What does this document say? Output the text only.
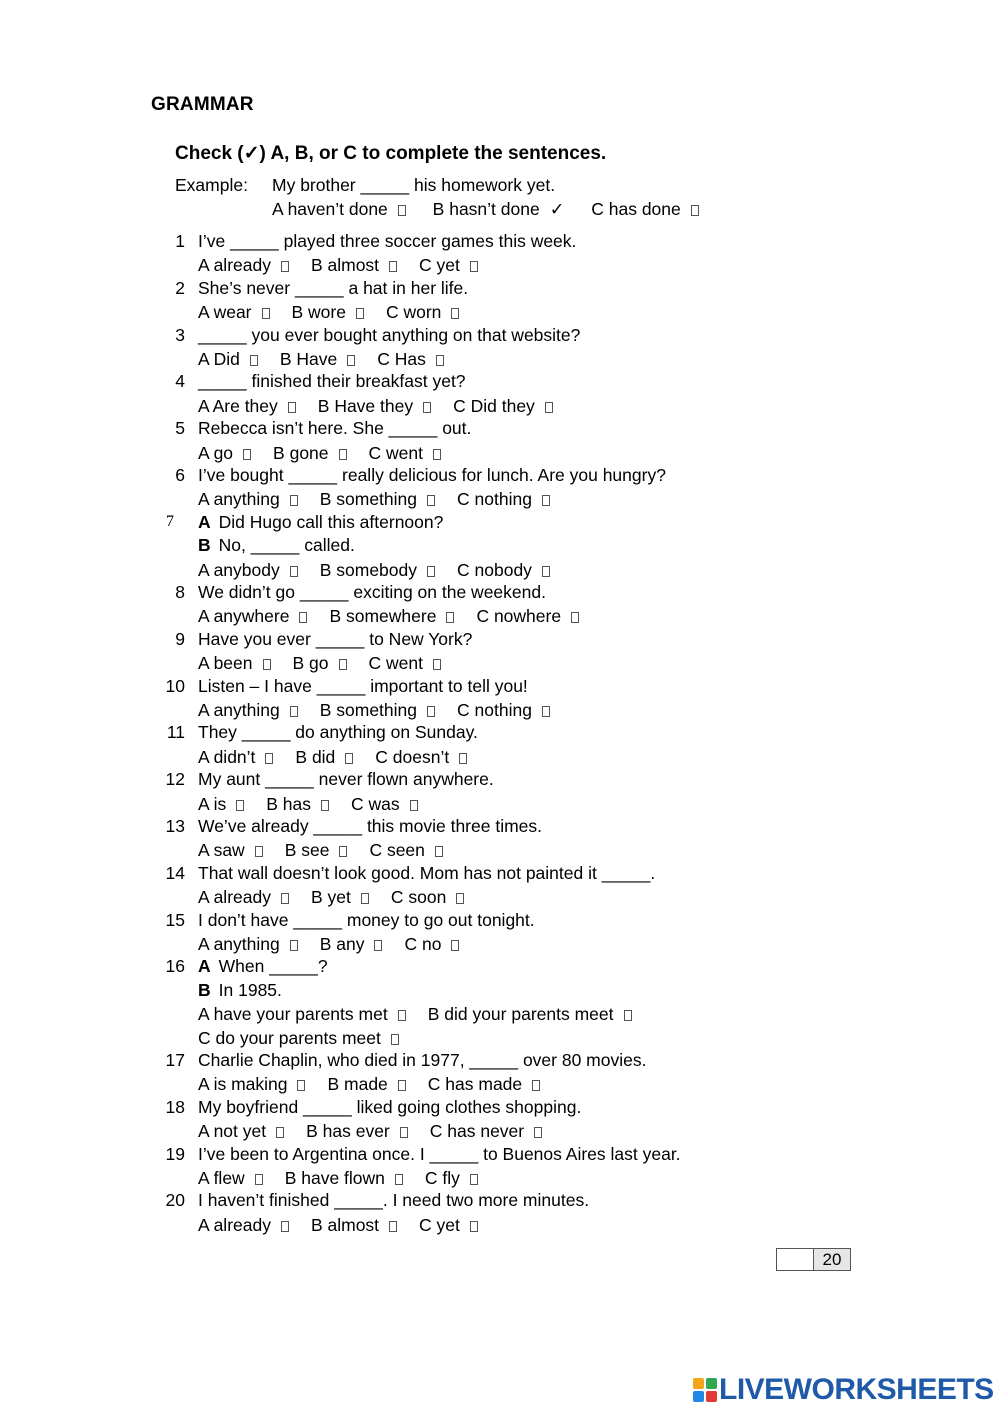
GRAMMAR
Check (✓) A, B, or C to complete the sentences.
Example: My brother _____ his homework yet.
A haven’t done	B hasn’t done ✓ C has done
1 I’ve _____ played three soccer games this week.
A already B almost C yet
2 She’s never _____ a hat in her life.
A wear B wore C worn
3 _____ you ever bought anything on that website?
A Did B Have C Has
4 _____ finished their breakfast yet?
A Are they B Have they C Did they
5 Rebecca isn’t here. She _____ out.
A go B gone C went
6 I’ve bought _____ really delicious for lunch. Are you hungry?
A anything B something C nothing
7 A Did Hugo call this afternoon?
B No, _____ called.
A anybody B somebody C nobody
8 We didn’t go _____ exciting on the weekend.
A anywhere B somewhere C nowhere
9 Have you ever _____ to New York?
A been B go C went
10 Listen – I have _____ important to tell you!
A anything B something C nothing
11 They _____ do anything on Sunday.
A didn’t B did C doesn’t
12 My aunt _____ never flown anywhere.
A is B has C was
13 We’ve already _____ this movie three times.
A saw B see C seen
14 That wall doesn’t look good. Mom has not painted it _____.
A already B yet C soon
15 I don’t have _____ money to go out tonight.
A anything B any C no
16 A When _____?
B In 1985.
A have your parents met B did your parents meet
C do your parents meet
17 Charlie Chaplin, who died in 1977, _____ over 80 movies.
A is making B made C has made
18 My boyfriend _____ liked going clothes shopping.
A not yet B has ever C has never
19 I’ve been to Argentina once. I _____ to Buenos Aires last year.
A flew B have flown C fly
20 I haven’t finished _____. I need two more minutes.
A already B almost C yet
20
LIVEWORKSHEETS
